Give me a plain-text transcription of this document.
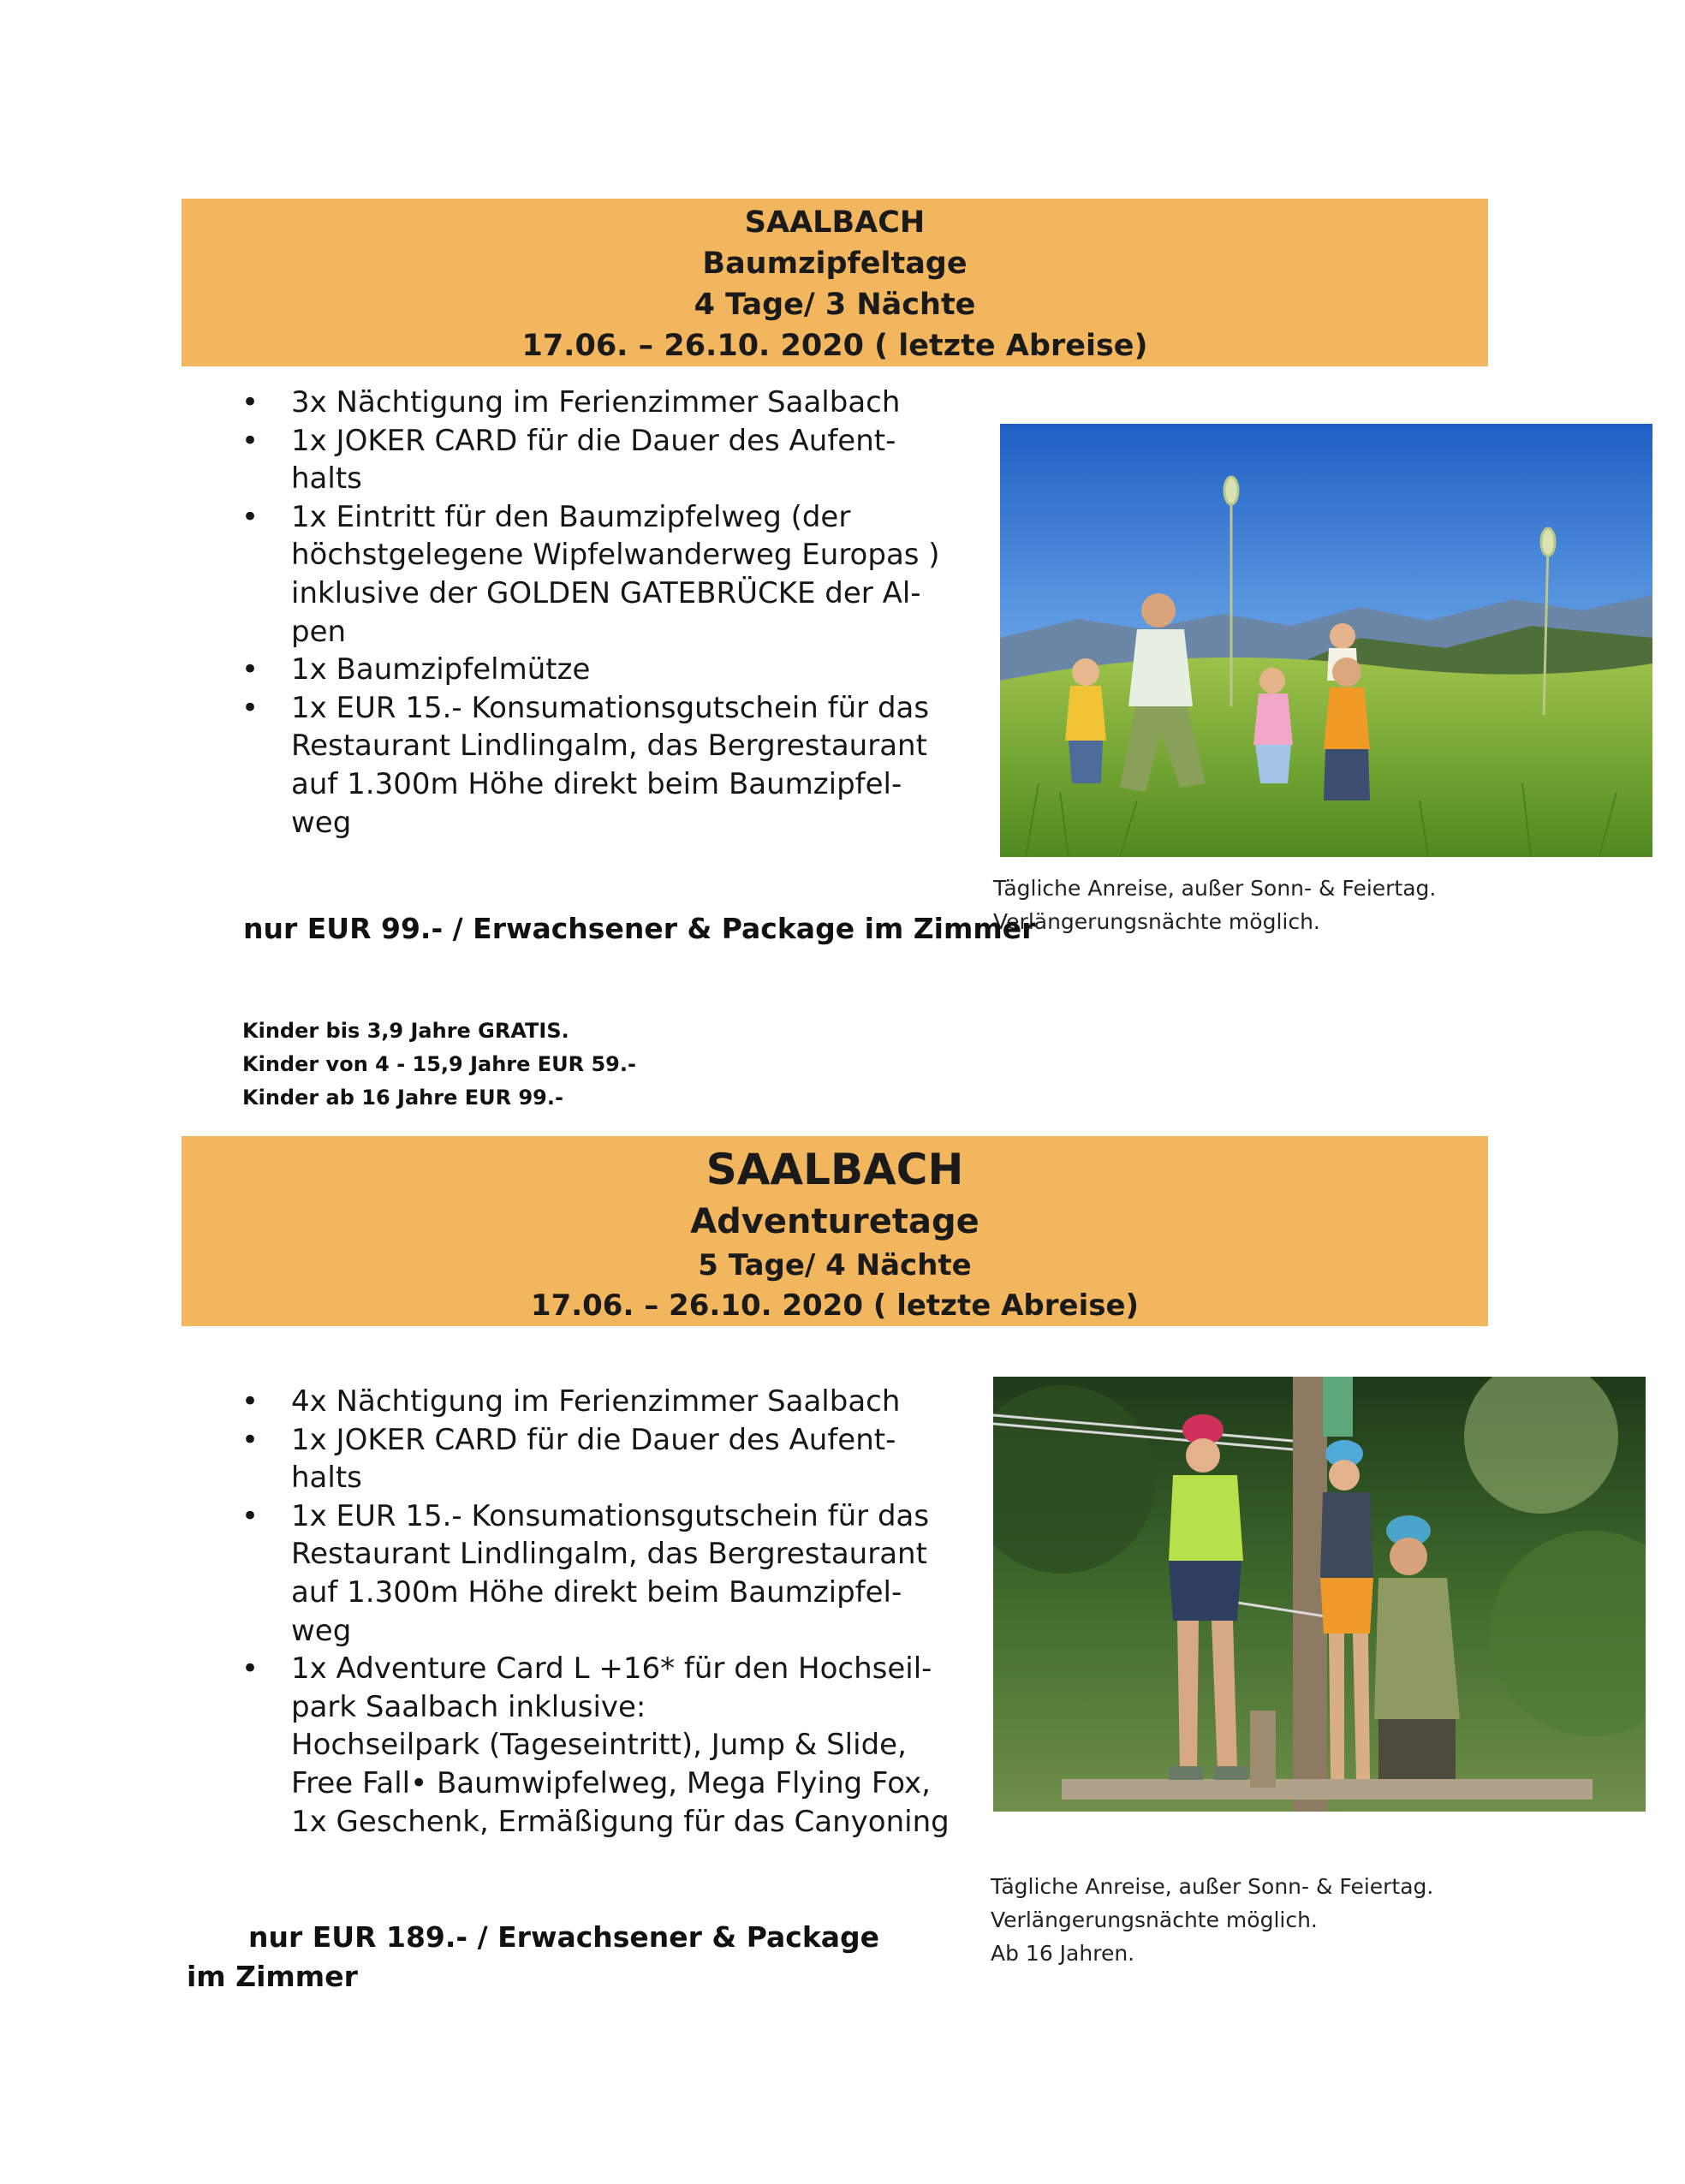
SAALBACH
Baumzipfeltage
4 Tage/ 3 Nächte
17.06. – 26.10. 2020 ( letzte Abreise)
• 3x Nächtigung im Ferienzimmer Saalbach
• 1x JOKER CARD für die Dauer des Aufent-
halts
• 1x Eintritt für den Baumzipfelweg (der
höchstgelegene Wipfelwanderweg Europas )
inklusive der GOLDEN GATEBRÜCKE der Al-
pen
• 1x Baumzipfelmütze
• 1x EUR 15.- Konsumationsgutschein für das
Restaurant Lindlingalm, das Bergrestaurant
auf 1.300m Höhe direkt beim Baumzipfel-
weg
Tägliche Anreise, außer Sonn- & Feiertag.
Verlängerungsnächte möglich.
nur EUR 99.- / Erwachsener & Package im Zimmer
Kinder bis 3,9 Jahre GRATIS.
Kinder von 4 - 15,9 Jahre EUR 59.-
Kinder ab 16 Jahre EUR 99.-
SAALBACH
Adventuretage
5 Tage/ 4 Nächte
17.06. – 26.10. 2020 ( letzte Abreise)
• 4x Nächtigung im Ferienzimmer Saalbach
• 1x JOKER CARD für die Dauer des Aufent-
halts
• 1x EUR 15.- Konsumationsgutschein für das
Restaurant Lindlingalm, das Bergrestaurant
auf 1.300m Höhe direkt beim Baumzipfel-
weg
• 1x Adventure Card L +16* für den Hochseil-
park Saalbach inklusive:
Hochseilpark (Tageseintritt), Jump & Slide,
Free Fall• Baumwipfelweg, Mega Flying Fox,
1x Geschenk, Ermäßigung für das Canyoning
Tägliche Anreise, außer Sonn- & Feiertag.
Verlängerungsnächte möglich.
Ab 16 Jahren.
nur EUR 189.- / Erwachsener & Package im Zimmer
